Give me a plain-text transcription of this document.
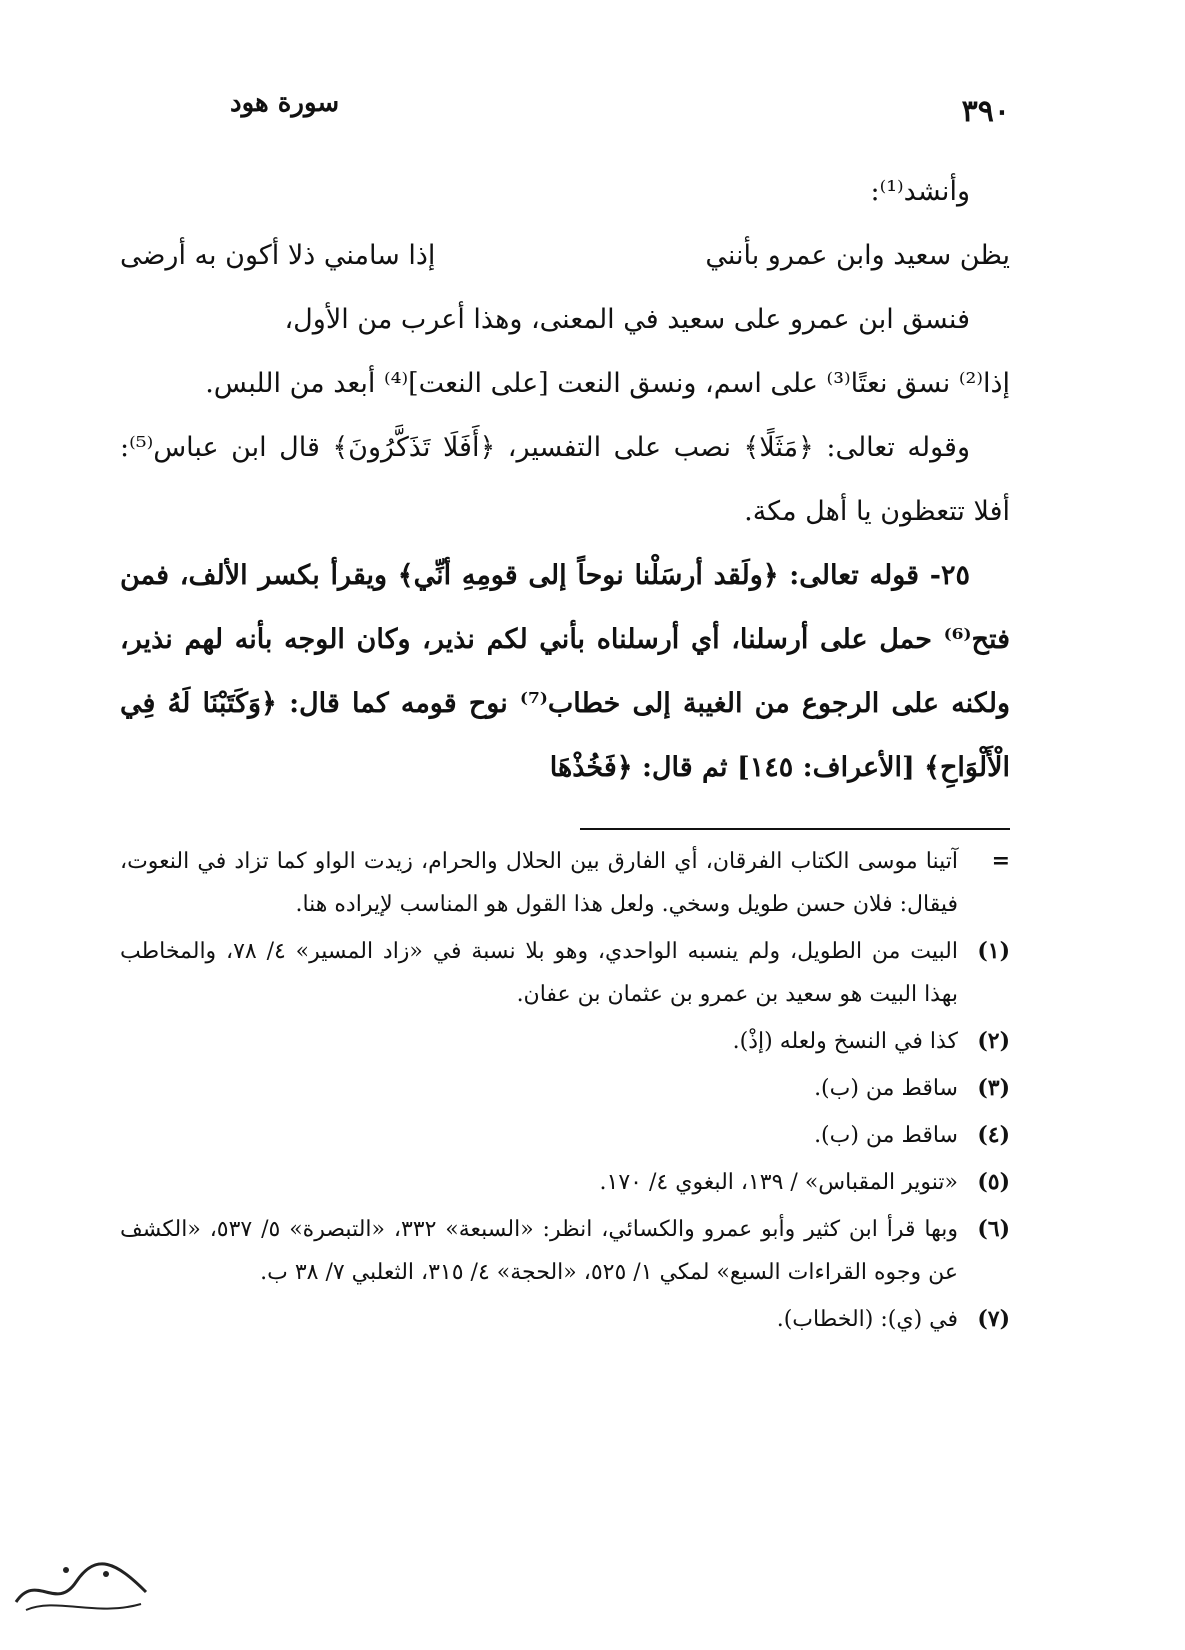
سورة هود	٣٩٠

وأنشد⁽¹⁾:

يظن سعيد وابن عمرو بأنني
إذا سامني ذلا أكون به أرضى

فنسق ابن عمرو على سعيد في المعنى، وهذا أعرب من الأول،

إذا⁽²⁾ نسق نعتًا⁽³⁾ على اسم، ونسق النعت [على النعت]⁽⁴⁾ أبعد من اللبس.

وقوله تعالى: ﴿مَثَلًا﴾ نصب على التفسير، ﴿أَفَلَا تَذَكَّرُونَ﴾ قال ابن عباس⁽⁵⁾: أفلا تتعظون يا أهل مكة.

٢٥- قوله تعالى: ﴿ولَقد أرسَلْنا نوحاً إلى قومِهِ أنِّي﴾ ويقرأ بكسر الألف، فمن فتح⁽⁶⁾ حمل على أرسلنا، أي أرسلناه بأني لكم نذير، وكان الوجه بأنه لهم نذير، ولكنه على الرجوع من الغيبة إلى خطاب⁽⁷⁾ نوح قومه كما قال: ﴿وَكَتَبْنَا لَهُ فِي الْأَلْوَاحِ﴾ [الأعراف: ١٤٥] ثم قال: ﴿فَخُذْهَا

=
آتينا موسى الكتاب الفرقان، أي الفارق بين الحلال والحرام، زيدت الواو كما تزاد في النعوت، فيقال: فلان حسن طويل وسخي. ولعل هذا القول هو المناسب لإيراده هنا.
(١)
البيت من الطويل، ولم ينسبه الواحدي، وهو بلا نسبة في «زاد المسير» ٤/ ٧٨، والمخاطب بهذا البيت هو سعيد بن عمرو بن عثمان بن عفان.
(٢)
كذا في النسخ ولعله (إذْ).
(٣)
ساقط من (ب).
(٤)
ساقط من (ب).
(٥)
«تنوير المقباس» / ١٣٩، البغوي ٤/ ١٧٠.
(٦)
وبها قرأ ابن كثير وأبو عمرو والكسائي، انظر: «السبعة» ٣٣٢، «التبصرة» ٥/ ٥٣٧، «الكشف عن وجوه القراءات السبع» لمكي ١/ ٥٢٥، «الحجة» ٤/ ٣١٥، الثعلبي ٧/ ٣٨ ب.
(٧)
في (ي): (الخطاب).
